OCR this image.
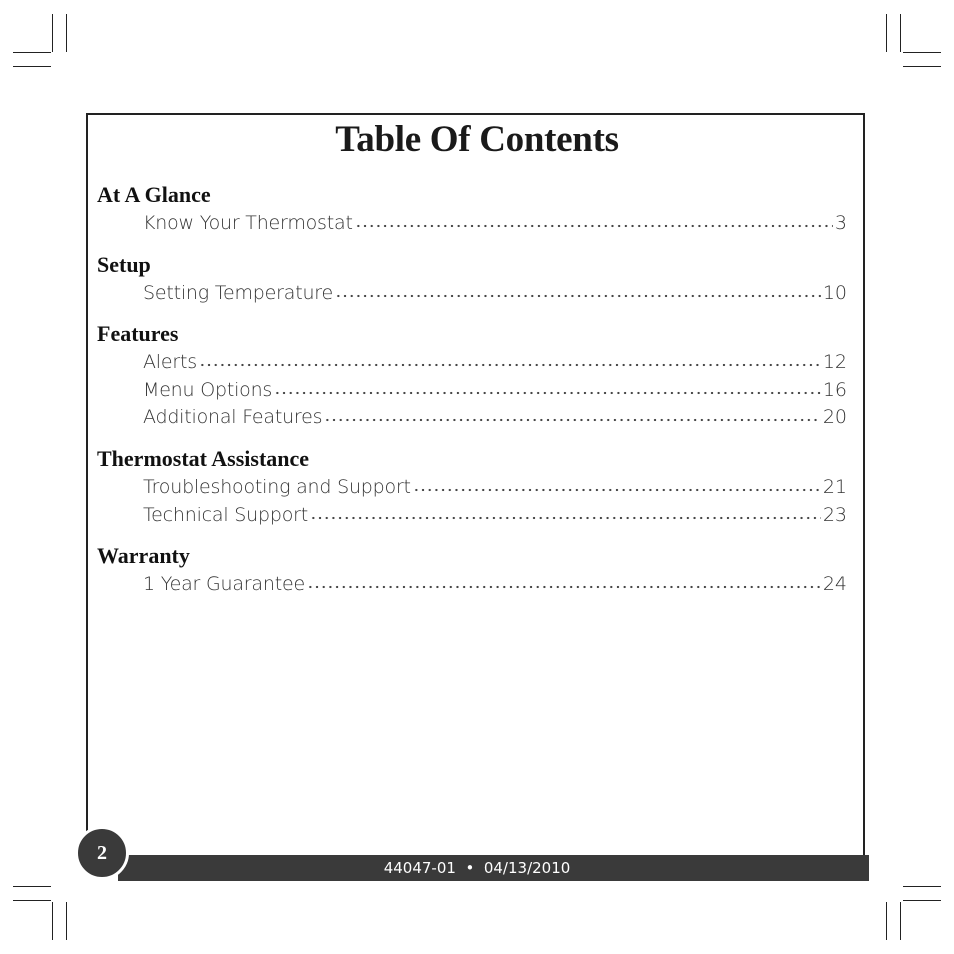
Table Of Contents
At A Glance
Know Your Thermostat	3
Setup
Setting Temperature	10
Features
Alerts	12
Menu Options	16
Additional Features	20
Thermostat Assistance
Troubleshooting and Support	21
Technical Support	23
Warranty
1 Year Guarantee	24
44047-01  •  04/13/2010
2
